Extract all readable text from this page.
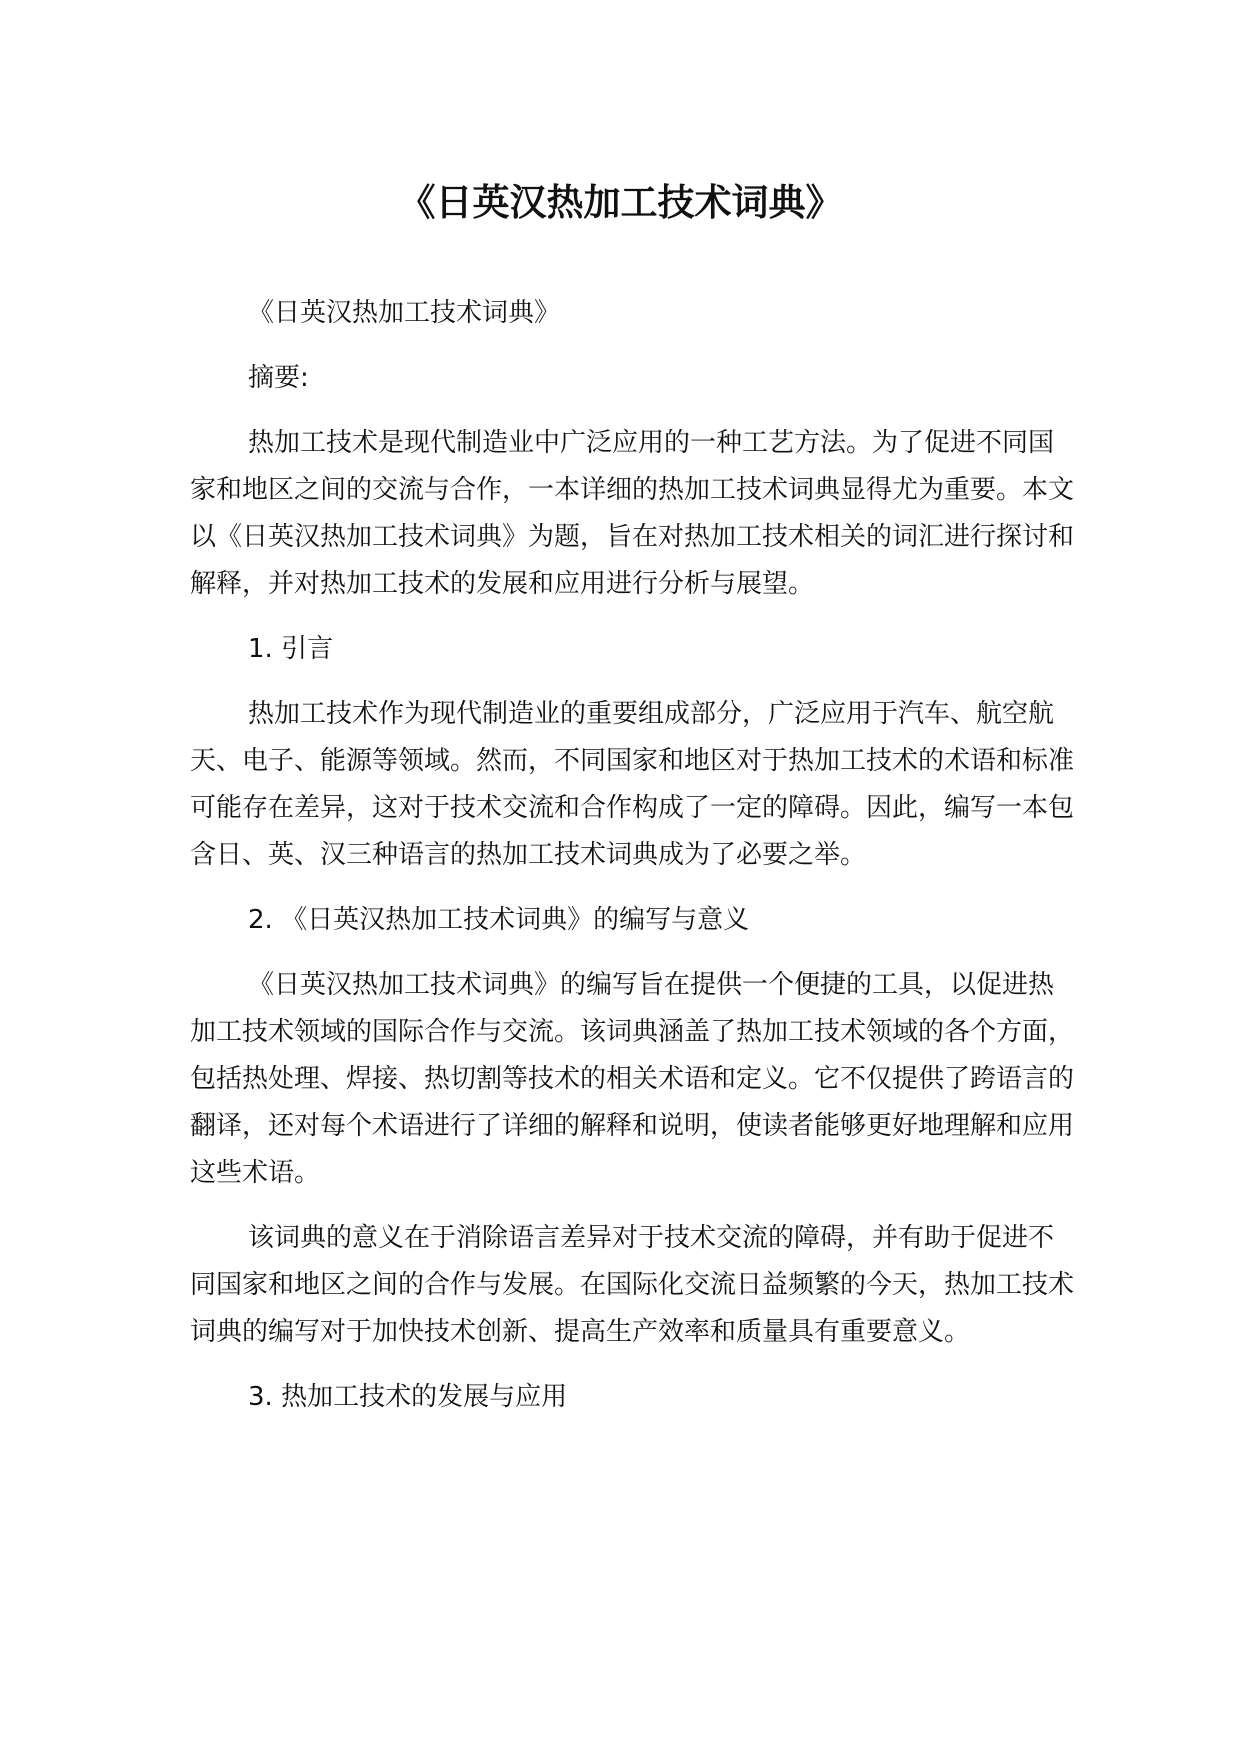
《日英汉热加工技术词典》

《日英汉热加工技术词典》

摘要:

热加工技术是现代制造业中广泛应用的一种工艺方法。为了促进不同国家和地区之间的交流与合作，一本详细的热加工技术词典显得尤为重要。本文以《日英汉热加工技术词典》为题，旨在对热加工技术相关的词汇进行探讨和解释，并对热加工技术的发展和应用进行分析与展望。

1. 引言

热加工技术作为现代制造业的重要组成部分，广泛应用于汽车、航空航天、电子、能源等领域。然而，不同国家和地区对于热加工技术的术语和标准可能存在差异，这对于技术交流和合作构成了一定的障碍。因此，编写一本包含日、英、汉三种语言的热加工技术词典成为了必要之举。

2. 《日英汉热加工技术词典》的编写与意义

《日英汉热加工技术词典》的编写旨在提供一个便捷的工具，以促进热加工技术领域的国际合作与交流。该词典涵盖了热加工技术领域的各个方面，包括热处理、焊接、热切割等技术的相关术语和定义。它不仅提供了跨语言的翻译，还对每个术语进行了详细的解释和说明，使读者能够更好地理解和应用这些术语。

该词典的意义在于消除语言差异对于技术交流的障碍，并有助于促进不同国家和地区之间的合作与发展。在国际化交流日益频繁的今天，热加工技术词典的编写对于加快技术创新、提高生产效率和质量具有重要意义。

3. 热加工技术的发展与应用
